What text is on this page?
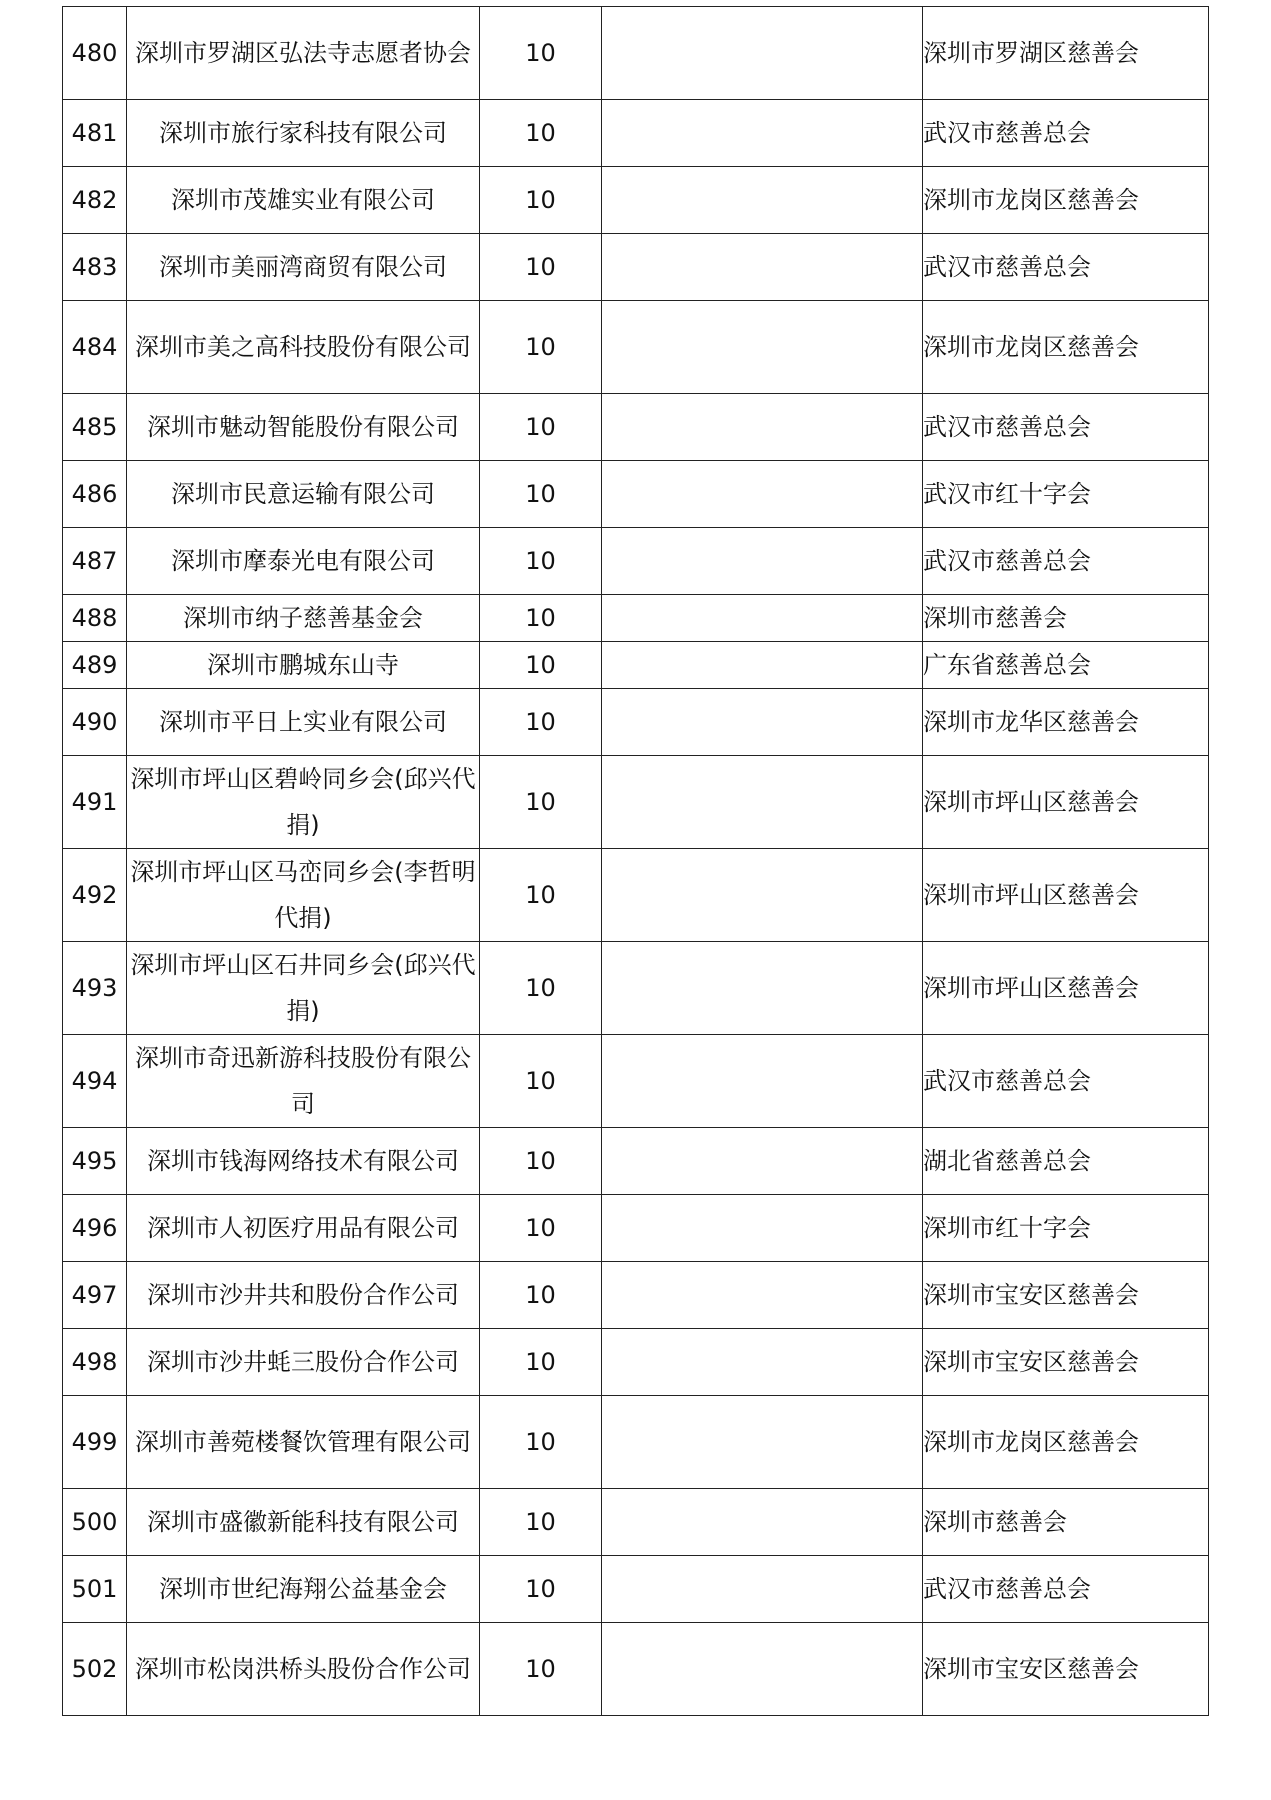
480	深圳市罗湖区弘法寺志愿者协会	10		深圳市罗湖区慈善会
481	深圳市旅行家科技有限公司	10		武汉市慈善总会
482	深圳市茂雄实业有限公司	10		深圳市龙岗区慈善会
483	深圳市美丽湾商贸有限公司	10		武汉市慈善总会
484	深圳市美之高科技股份有限公司	10		深圳市龙岗区慈善会
485	深圳市魅动智能股份有限公司	10		武汉市慈善总会
486	深圳市民意运输有限公司	10		武汉市红十字会
487	深圳市摩泰光电有限公司	10		武汉市慈善总会
488	深圳市纳子慈善基金会	10		深圳市慈善会
489	深圳市鹏城东山寺	10		广东省慈善总会
490	深圳市平日上实业有限公司	10		深圳市龙华区慈善会
491	深圳市坪山区碧岭同乡会(邱兴代捐)	10		深圳市坪山区慈善会
492	深圳市坪山区马峦同乡会(李哲明代捐)	10		深圳市坪山区慈善会
493	深圳市坪山区石井同乡会(邱兴代捐)	10		深圳市坪山区慈善会
494	深圳市奇迅新游科技股份有限公司	10		武汉市慈善总会
495	深圳市钱海网络技术有限公司	10		湖北省慈善总会
496	深圳市人初医疗用品有限公司	10		深圳市红十字会
497	深圳市沙井共和股份合作公司	10		深圳市宝安区慈善会
498	深圳市沙井蚝三股份合作公司	10		深圳市宝安区慈善会
499	深圳市善菀楼餐饮管理有限公司	10		深圳市龙岗区慈善会
500	深圳市盛徽新能科技有限公司	10		深圳市慈善会
501	深圳市世纪海翔公益基金会	10		武汉市慈善总会
502	深圳市松岗洪桥头股份合作公司	10		深圳市宝安区慈善会
